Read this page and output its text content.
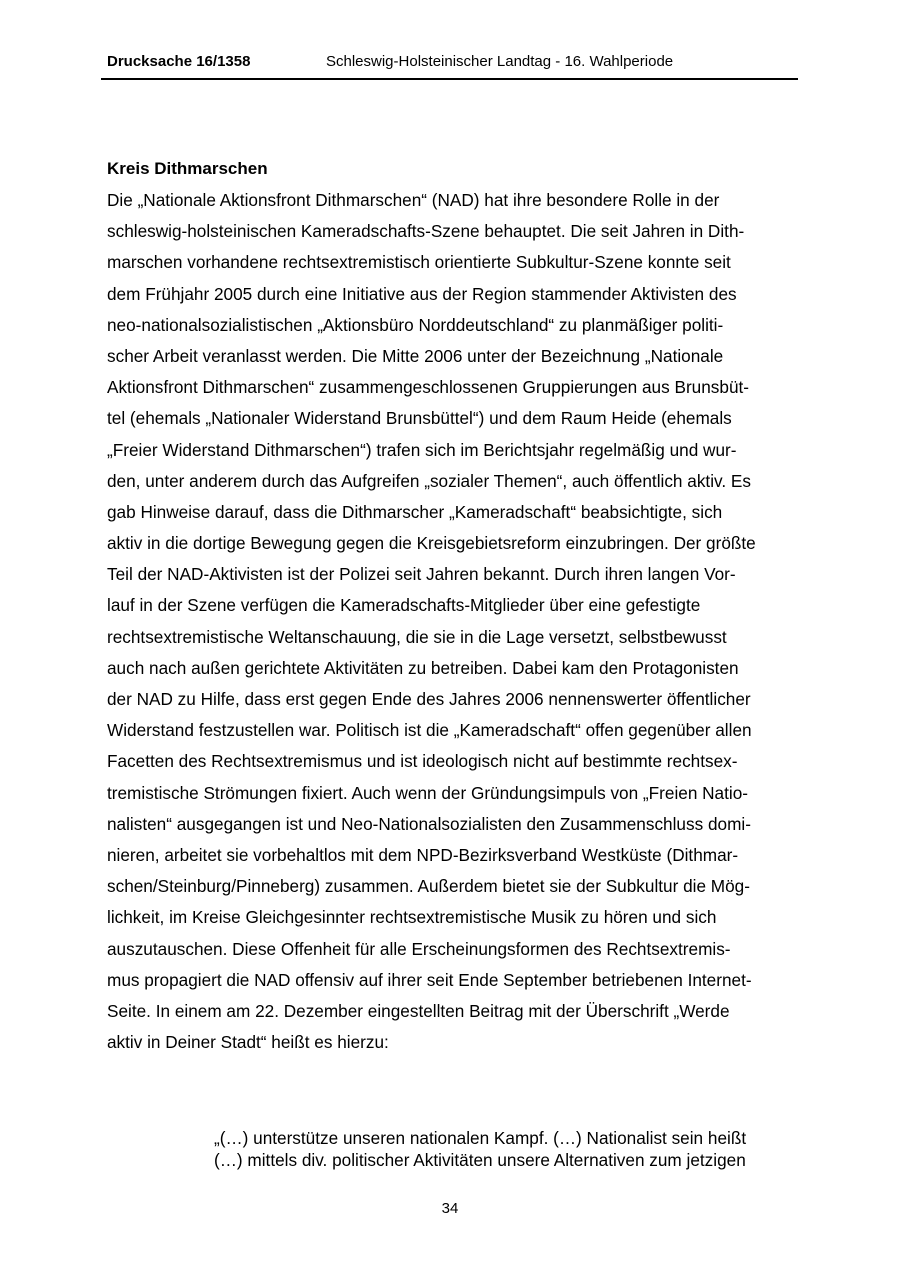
Drucksache 16/1358	Schleswig-Holsteinischer Landtag - 16. Wahlperiode
Kreis Dithmarschen
Die „Nationale Aktionsfront Dithmarschen“ (NAD) hat ihre besondere Rolle in der
schleswig-holsteinischen Kameradschafts-Szene behauptet. Die seit Jahren in Dith-
marschen vorhandene rechtsextremistisch orientierte Subkultur-Szene konnte seit
dem Frühjahr 2005 durch eine Initiative aus der Region stammender Aktivisten des
neo-nationalsozialistischen „Aktionsbüro Norddeutschland“ zu planmäßiger politi-
scher Arbeit veranlasst werden. Die Mitte 2006 unter der Bezeichnung „Nationale
Aktionsfront Dithmarschen“ zusammengeschlossenen Gruppierungen aus Brunsbüt-
tel (ehemals „Nationaler Widerstand Brunsbüttel“) und dem Raum Heide (ehemals
„Freier Widerstand Dithmarschen“) trafen sich im Berichtsjahr regelmäßig und wur-
den, unter anderem durch das Aufgreifen „sozialer Themen“, auch öffentlich aktiv. Es
gab Hinweise darauf, dass die Dithmarscher „Kameradschaft“ beabsichtigte, sich
aktiv in die dortige Bewegung gegen die Kreisgebietsreform einzubringen. Der größte
Teil der NAD-Aktivisten ist der Polizei seit Jahren bekannt. Durch ihren langen Vor-
lauf in der Szene verfügen die Kameradschafts-Mitglieder über eine gefestigte
rechtsextremistische Weltanschauung, die sie in die Lage versetzt, selbstbewusst
auch nach außen gerichtete Aktivitäten zu betreiben. Dabei kam den Protagonisten
der NAD zu Hilfe, dass erst gegen Ende des Jahres 2006 nennenswerter öffentlicher
Widerstand festzustellen war. Politisch ist die „Kameradschaft“ offen gegenüber allen
Facetten des Rechtsextremismus und ist ideologisch nicht auf bestimmte rechtsex-
tremistische Strömungen fixiert. Auch wenn der Gründungsimpuls von „Freien Natio-
nalisten“ ausgegangen ist und Neo-Nationalsozialisten den Zusammenschluss domi-
nieren, arbeitet sie vorbehaltlos mit dem NPD-Bezirksverband Westküste (Dithmar-
schen/Steinburg/Pinneberg) zusammen. Außerdem bietet sie der Subkultur die Mög-
lichkeit, im Kreise Gleichgesinnter rechtsextremistische Musik zu hören und sich
auszutauschen. Diese Offenheit für alle Erscheinungsformen des Rechtsextremis-
mus propagiert die NAD offensiv auf ihrer seit Ende September betriebenen Internet-
Seite. In einem am 22. Dezember eingestellten Beitrag mit der Überschrift „Werde
aktiv in Deiner Stadt“ heißt es hierzu:
„(…) unterstütze unseren nationalen Kampf. (…) Nationalist sein heißt
(…) mittels div. politischer Aktivitäten unsere Alternativen zum jetzigen
34
